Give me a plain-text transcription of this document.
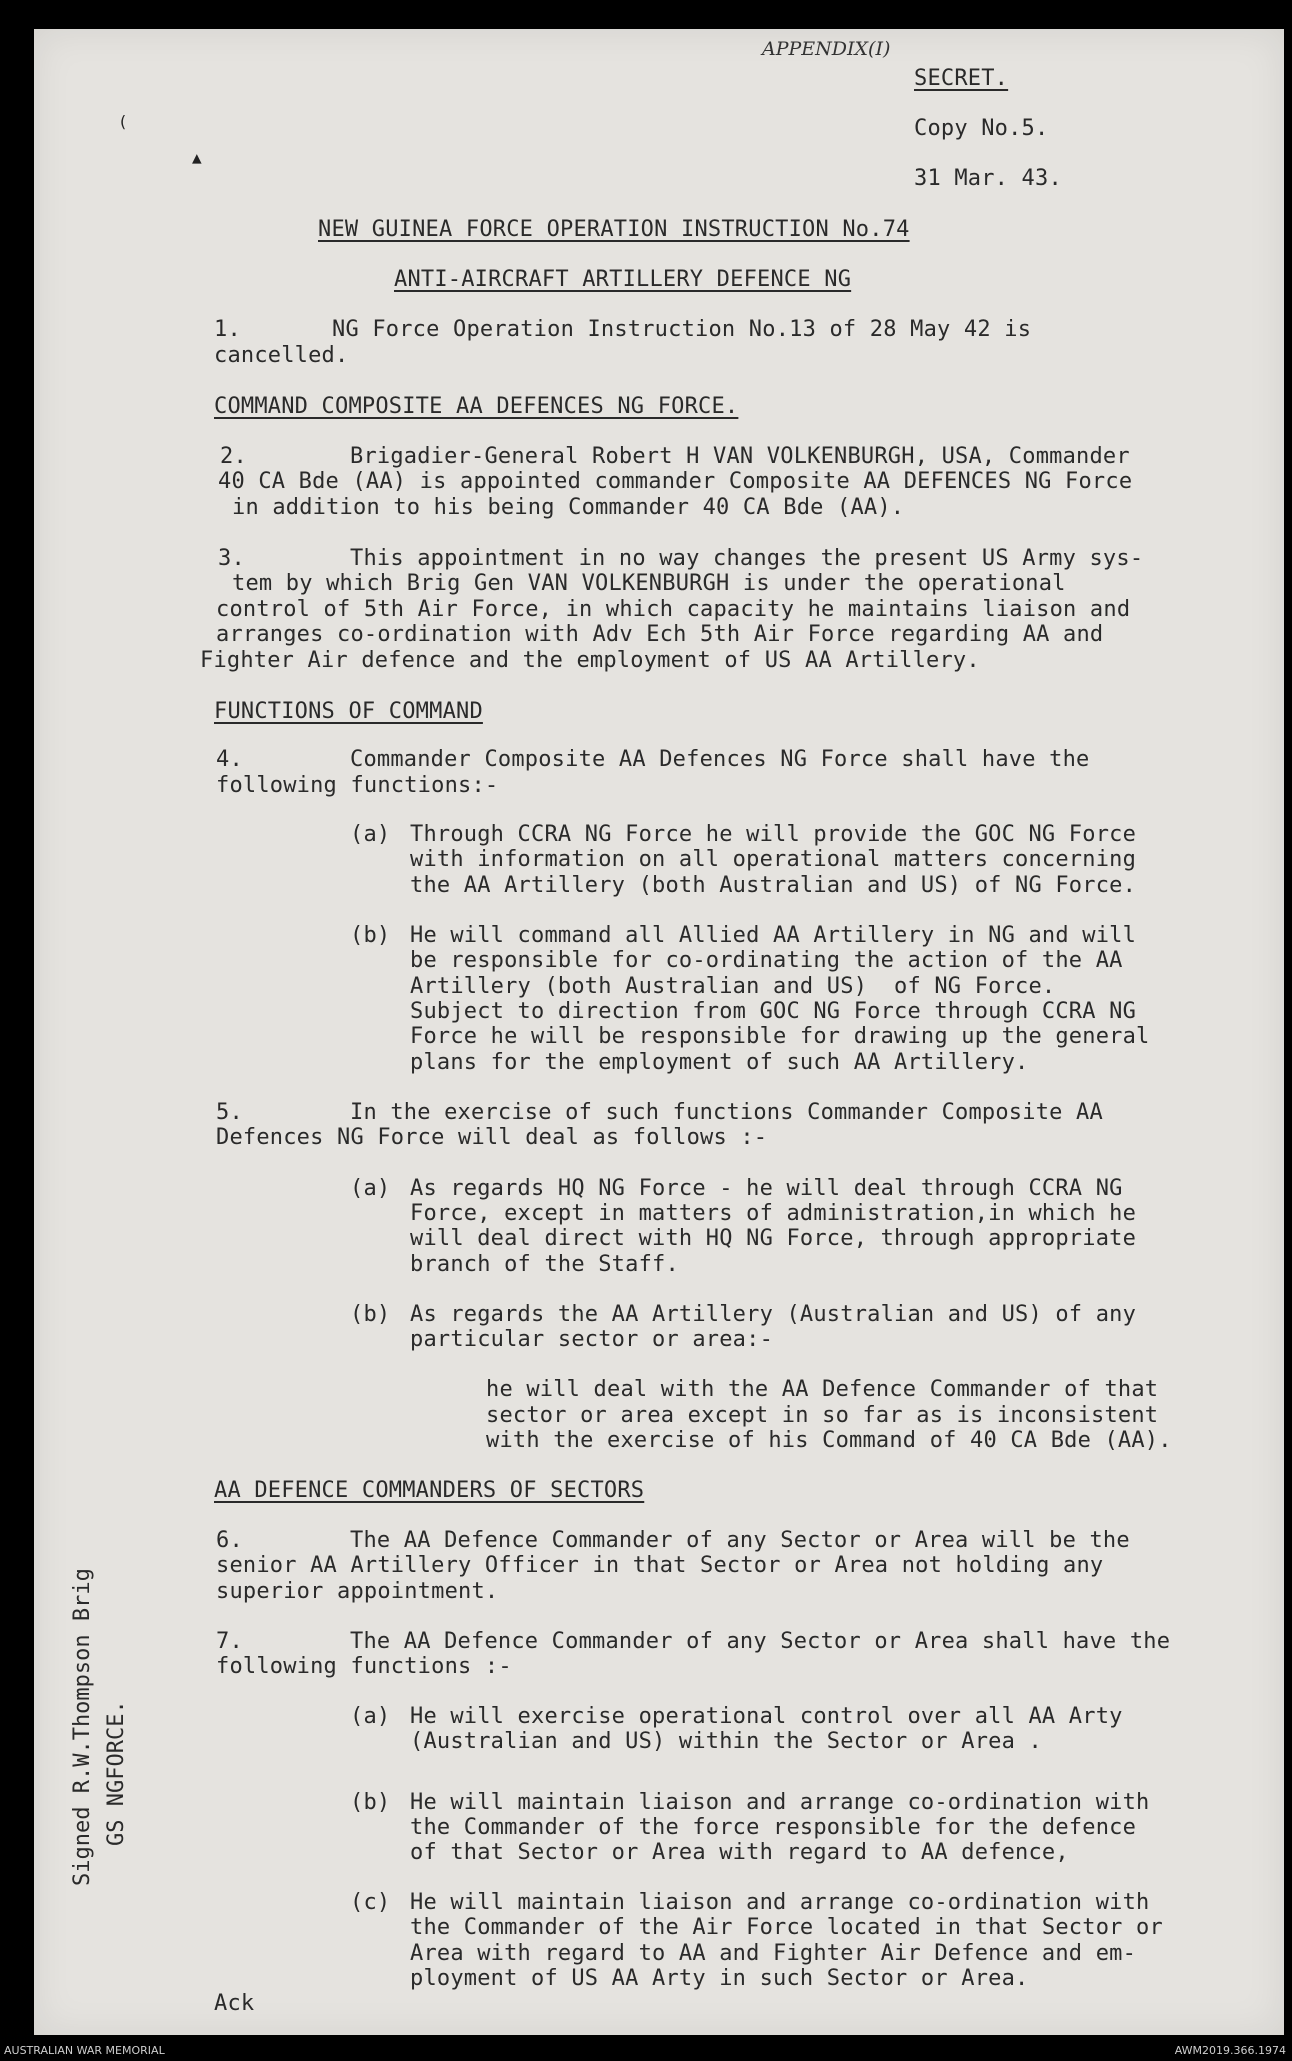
APPENDIX(I)
(
▲
SECRET.
Copy No.5.
31 Mar. 43.
NEW GUINEA FORCE OPERATION INSTRUCTION No.74
ANTI-AIRCRAFT ARTILLERY DEFENCE NG
1.	NG Force Operation Instruction No.13 of 28 May 42 is
cancelled.
COMMAND COMPOSITE AA DEFENCES NG FORCE.
2.	Brigadier-General Robert H VAN VOLKENBURGH, USA, Commander
40 CA Bde (AA) is appointed commander Composite AA DEFENCES NG Force
in addition to his being Commander 40 CA Bde (AA).
3.	This appointment in no way changes the present US Army sys-
tem by which Brig Gen VAN VOLKENBURGH is under the operational
control of 5th Air Force, in which capacity he maintains liaison and
arranges co-ordination with Adv Ech 5th Air Force regarding AA and
Fighter Air defence and the employment of US AA Artillery.
FUNCTIONS OF COMMAND
4.	Commander Composite AA Defences NG Force shall have the
following functions:-
(a) Through CCRA NG Force he will provide the GOC NG Force
with information on all operational matters concerning
the AA Artillery (both Australian and US) of NG Force.
(b) He will command all Allied AA Artillery in NG and will
be responsible for co-ordinating the action of the AA
Artillery (both Australian and US)  of NG Force.
Subject to direction from GOC NG Force through CCRA NG
Force he will be responsible for drawing up the general
plans for the employment of such AA Artillery.
5.	In the exercise of such functions Commander Composite AA
Defences NG Force will deal as follows :-
(a) As regards HQ NG Force - he will deal through CCRA NG
Force, except in matters of administration,in which he
will deal direct with HQ NG Force, through appropriate
branch of the Staff.
(b) As regards the AA Artillery (Australian and US) of any
particular sector or area:-
he will deal with the AA Defence Commander of that
sector or area except in so far as is inconsistent
with the exercise of his Command of 40 CA Bde (AA).
AA DEFENCE COMMANDERS OF SECTORS
6.	The AA Defence Commander of any Sector or Area will be the
senior AA Artillery Officer in that Sector or Area not holding any
superior appointment.
7.	The AA Defence Commander of any Sector or Area shall have the
following functions :-
(a) He will exercise operational control over all AA Arty
(Australian and US) within the Sector or Area .
(b) He will maintain liaison and arrange co-ordination with
the Commander of the force responsible for the defence
of that Sector or Area with regard to AA defence,
(c) He will maintain liaison and arrange co-ordination with
the Commander of the Air Force located in that Sector or
Area with regard to AA and Fighter Air Defence and em-
ployment of US AA Arty in such Sector or Area.
Ack
Signed R.W.Thompson Brig GS NGFORCE.
AUSTRALIAN WAR MEMORIAL	AWM2019.366.1974
